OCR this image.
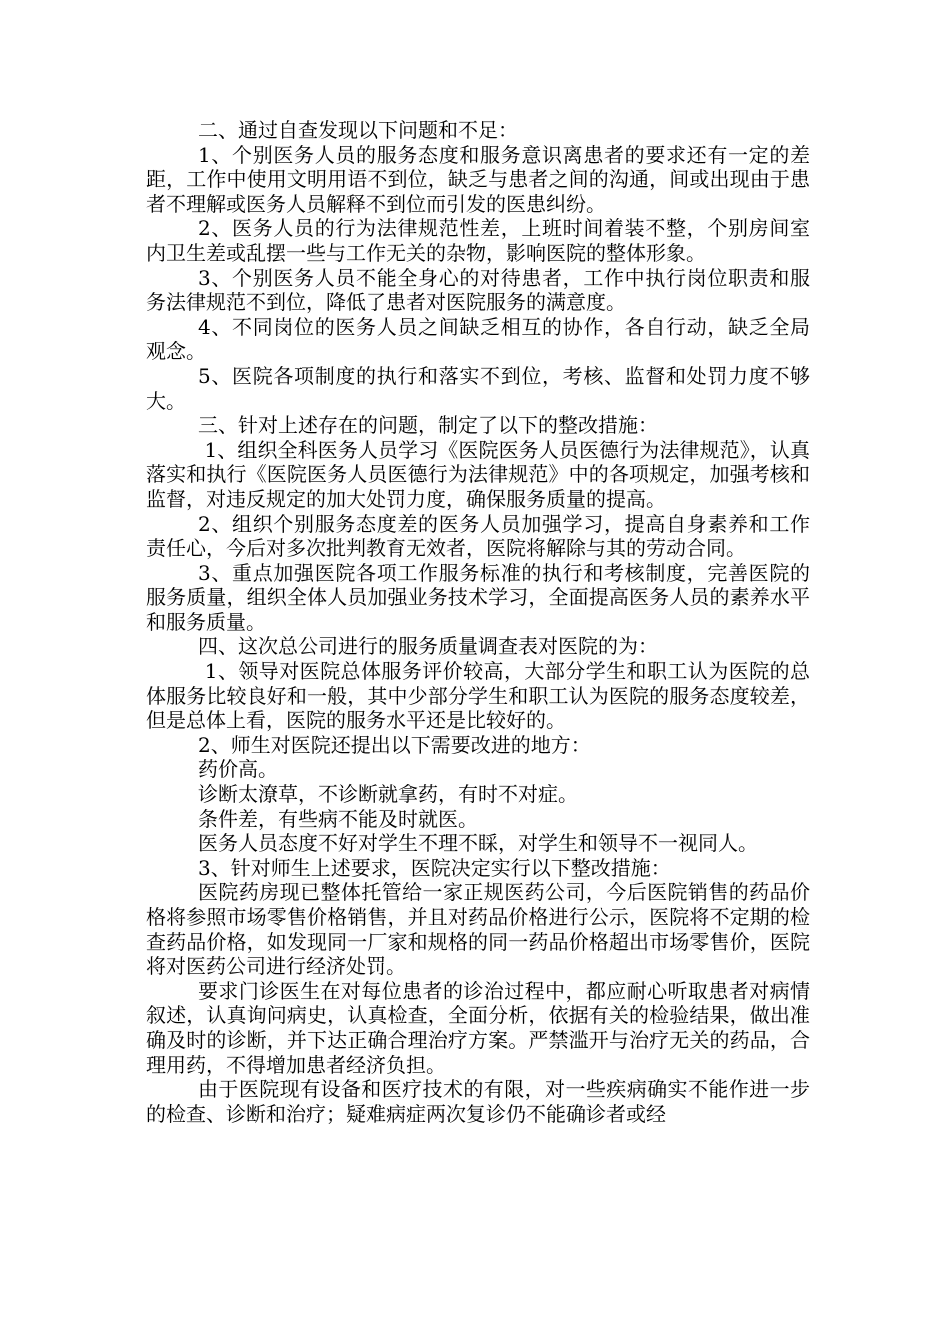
二、通过自查发现以下问题和不足：

1、个别医务人员的服务态度和服务意识离患者的要求还有一定的差距，工作中使用文明用语不到位，缺乏与患者之间的沟通，间或出现由于患者不理解或医务人员解释不到位而引发的医患纠纷。

2、医务人员的行为法律规范性差，上班时间着装不整，个别房间室内卫生差或乱摆一些与工作无关的杂物，影响医院的整体形象。

3、个别医务人员不能全身心的对待患者，工作中执行岗位职责和服务法律规范不到位，降低了患者对医院服务的满意度。

4、不同岗位的医务人员之间缺乏相互的协作，各自行动，缺乏全局观念。

5、医院各项制度的执行和落实不到位，考核、监督和处罚力度不够大。

三、针对上述存在的问题，制定了以下的整改措施：

1、组织全科医务人员学习《医院医务人员医德行为法律规范》，认真落实和执行《医院医务人员医德行为法律规范》中的各项规定，加强考核和监督，对违反规定的加大处罚力度，确保服务质量的提高。

2、组织个别服务态度差的医务人员加强学习，提高自身素养和工作责任心，今后对多次批判教育无效者，医院将解除与其的劳动合同。

3、重点加强医院各项工作服务标准的执行和考核制度，完善医院的服务质量，组织全体人员加强业务技术学习，全面提高医务人员的素养水平和服务质量。

四、这次总公司进行的服务质量调查表对医院的为：

1、领导对医院总体服务评价较高，大部分学生和职工认为医院的总体服务比较良好和一般，其中少部分学生和职工认为医院的服务态度较差，但是总体上看，医院的服务水平还是比较好的。

2、师生对医院还提出以下需要改进的地方：

药价高。

诊断太潦草，不诊断就拿药，有时不对症。

条件差，有些病不能及时就医。

医务人员态度不好对学生不理不睬，对学生和领导不一视同人。

3、针对师生上述要求，医院决定实行以下整改措施：

医院药房现已整体托管给一家正规医药公司，今后医院销售的药品价格将参照市场零售价格销售，并且对药品价格进行公示，医院将不定期的检查药品价格，如发现同一厂家和规格的同一药品价格超出市场零售价，医院将对医药公司进行经济处罚。

要求门诊医生在对每位患者的诊治过程中，都应耐心听取患者对病情叙述，认真询问病史，认真检查，全面分析，依据有关的检验结果，做出准确及时的诊断，并下达正确合理治疗方案。严禁滥开与治疗无关的药品，合理用药，不得增加患者经济负担。

由于医院现有设备和医疗技术的有限，对一些疾病确实不能作进一步的检查、诊断和治疗；疑难病症两次复诊仍不能确诊者或经
